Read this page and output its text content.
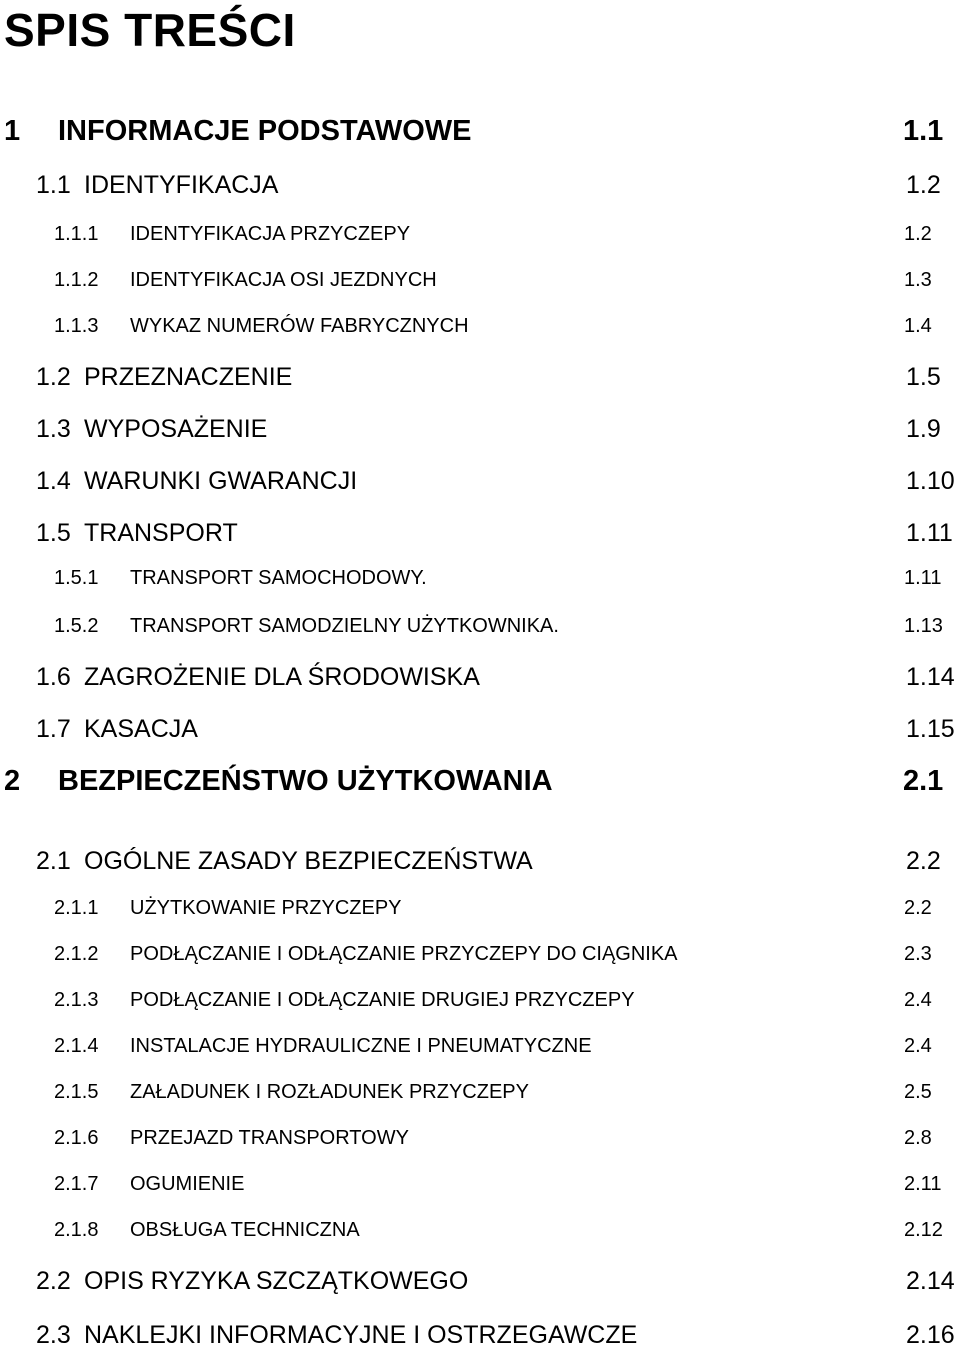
SPIS TREŚCI
1 INFORMACJE PODSTAWOWE	1.1
1.1 IDENTYFIKACJA	1.2
1.1.1 IDENTYFIKACJA PRZYCZEPY	1.2
1.1.2 IDENTYFIKACJA OSI JEZDNYCH	1.3
1.1.3 WYKAZ NUMERÓW FABRYCZNYCH	1.4
1.2 PRZEZNACZENIE	1.5
1.3 WYPOSAŻENIE	1.9
1.4 WARUNKI GWARANCJI	1.10
1.5 TRANSPORT	1.11
1.5.1 TRANSPORT SAMOCHODOWY.	1.11
1.5.2 TRANSPORT SAMODZIELNY UŻYTKOWNIKA.	1.13
1.6 ZAGROŻENIE DLA ŚRODOWISKA	1.14
1.7 KASACJA	1.15
2 BEZPIECZEŃSTWO UŻYTKOWANIA	2.1
2.1 OGÓLNE ZASADY BEZPIECZEŃSTWA	2.2
2.1.1 UŻYTKOWANIE PRZYCZEPY	2.2
2.1.2 PODŁĄCZANIE I ODŁĄCZANIE PRZYCZEPY DO CIĄGNIKA	2.3
2.1.3 PODŁĄCZANIE I ODŁĄCZANIE DRUGIEJ PRZYCZEPY	2.4
2.1.4 INSTALACJE HYDRAULICZNE I PNEUMATYCZNE	2.4
2.1.5 ZAŁADUNEK I ROZŁADUNEK PRZYCZEPY	2.5
2.1.6 PRZEJAZD TRANSPORTOWY	2.8
2.1.7 OGUMIENIE	2.11
2.1.8 OBSŁUGA TECHNICZNA	2.12
2.2 OPIS RYZYKA SZCZĄTKOWEGO	2.14
2.3 NAKLEJKI INFORMACYJNE I OSTRZEGAWCZE	2.16
